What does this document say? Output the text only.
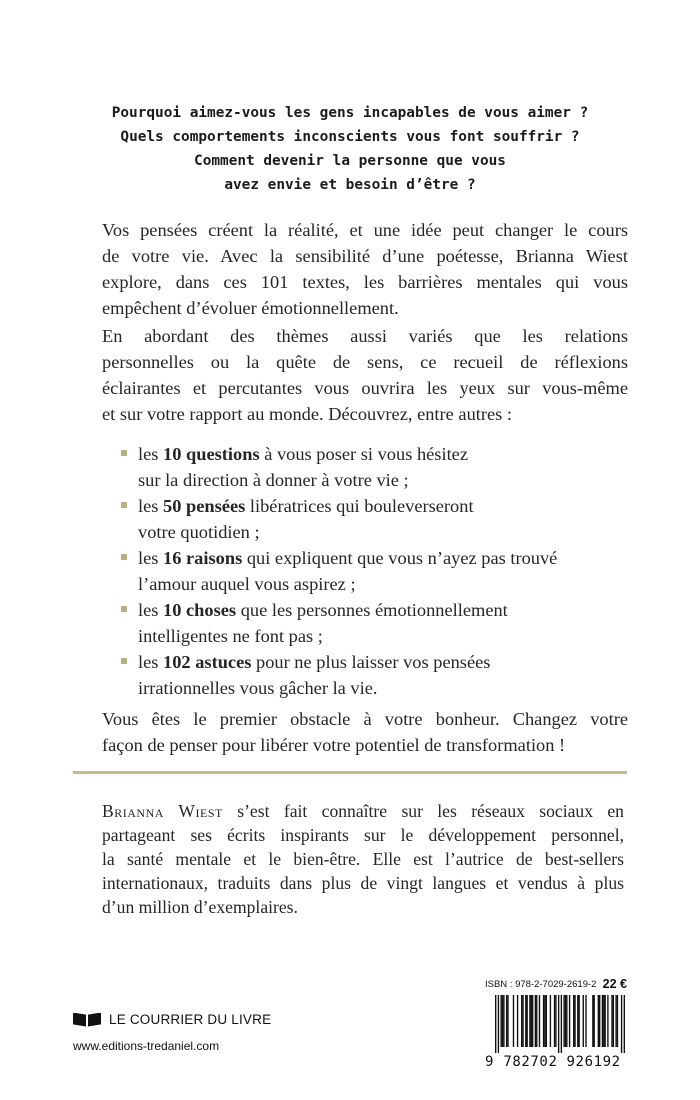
Pourquoi aimez-vous les gens incapables de vous aimer ?
Quels comportements inconscients vous font souffrir ?
Comment devenir la personne que vous
avez envie et besoin d’être ?

Vos pensées créent la réalité, et une idée peut changer le cours
de votre vie. Avec la sensibilité d’une poétesse, Brianna Wiest
explore, dans ces 101 textes, les barrières mentales qui vous
empêchent d’évoluer émotionnellement.

En abordant des thèmes aussi variés que les relations
personnelles ou la quête de sens, ce recueil de réflexions
éclairantes et percutantes vous ouvrira les yeux sur vous-même
et sur votre rapport au monde. Découvrez, entre autres :

les 10 questions à vous poser si vous hésitez
sur la direction à donner à votre vie ;
les 50 pensées libératrices qui bouleverseront
votre quotidien ;
les 16 raisons qui expliquent que vous n’ayez pas trouvé
l’amour auquel vous aspirez ;
les 10 choses que les personnes émotionnellement
intelligentes ne font pas ;
les 102 astuces pour ne plus laisser vos pensées
irrationnelles vous gâcher la vie.

Vous êtes le premier obstacle à votre bonheur. Changez votre
façon de penser pour libérer votre potentiel de transformation !

Brianna Wiest s’est fait connaître sur les réseaux sociaux en
partageant ses écrits inspirants sur le développement personnel,
la santé mentale et le bien-être. Elle est l’autrice de best-sellers
internationaux, traduits dans plus de vingt langues et vendus à plus
d’un million d’exemplaires.

LE COURRIER DU LIVRE
www.editions-tredaniel.com
ISBN : 978-2-7029-2619-2 22 €
9 782702 926192
